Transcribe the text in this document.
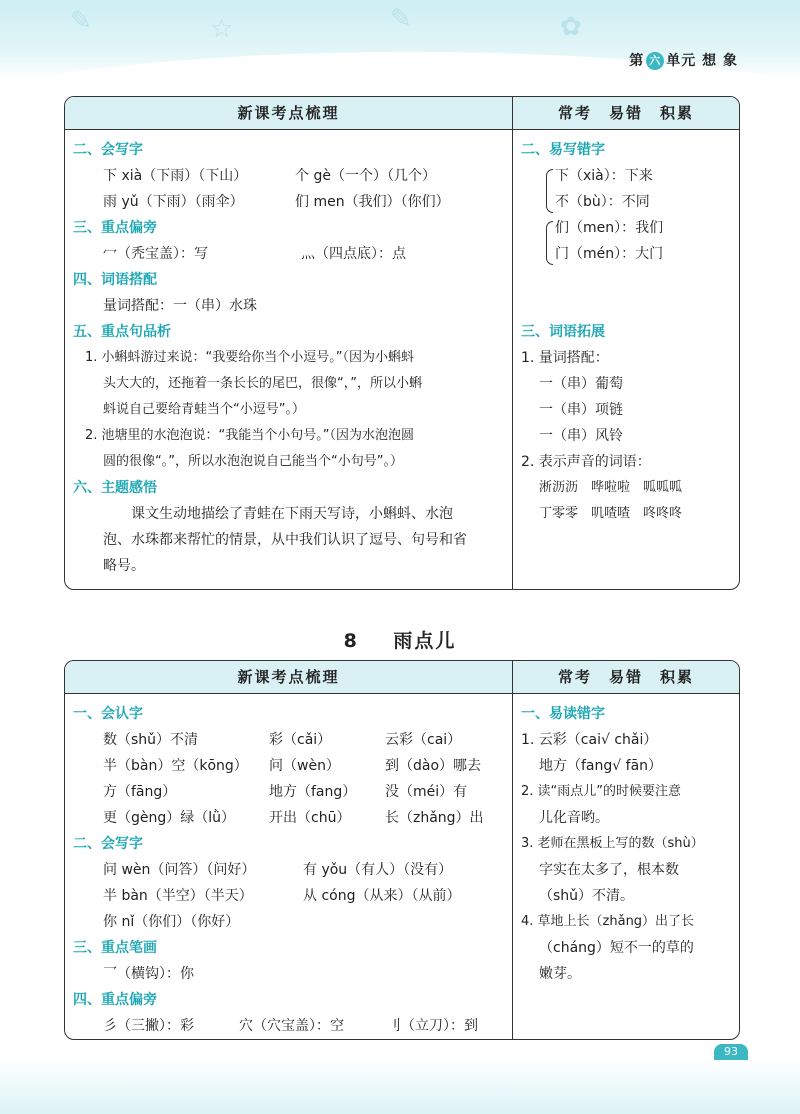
✎	☆	✎	✿
第 六 单元 想 象
新课考点梳理	常考　易错　积累
二、会写字
下 xià（下雨）（下山）	个 gè（一个）（几个）
雨 yǔ（下雨）（雨伞）	们 men（我们）（你们）
三、重点偏旁
冖（秃宝盖）：写	灬（四点底）：点
四、词语搭配
量词搭配：一（串）水珠
五、重点句品析
1. 小蝌蚪游过来说：“我要给你当个小逗号。”（因为小蝌蚪
头大大的，还拖着一条长长的尾巴，很像“，”，所以小蝌
蚪说自己要给青蛙当个“小逗号”。）
2. 池塘里的水泡泡说：“我能当个小句号。”（因为水泡泡圆
圆的很像“。”，所以水泡泡说自己能当个“小句号”。）
六、主题感悟
课文生动地描绘了青蛙在下雨天写诗，小蝌蚪、水泡
泡、水珠都来帮忙的情景，从中我们认识了逗号、句号和省
略号。
二、易写错字
下（xià）：下来
不（bù）：不同
们（men）：我们
门（mén）：大门
三、词语拓展
1. 量词搭配：
一（串）葡萄
一（串）项链
一（串）风铃
2. 表示声音的词语：
淅沥沥　哗啦啦　呱呱呱
丁零零　叽喳喳　咚咚咚
8 雨点儿
新课考点梳理	常考　易错　积累
一、会认字
数（shǔ）不清	彩（cǎi）	云彩（cai）
半（bàn）空（kōng） 问（wèn）	到（dào）哪去
方（fāng）	地方（fang） 没（méi）有
更（gèng）绿（lǜ） 开出（chū） 长（zhǎng）出
二、会写字
问 wèn（问答）（问好）	有 yǒu（有人）（没有）
半 bàn（半空）（半天）	从 cóng（从来）（从前）
你 nǐ（你们）（你好）
三、重点笔画
乛（横钩）：你
四、重点偏旁
彡（三撇）：彩	穴（穴宝盖）：空	刂（立刀）：到
一、易读错字
1. 云彩（cai√ chǎi）
地方（fang√ fān）
2. 读“雨点儿”的时候要注意
儿化音哟。
3. 老师在黑板上写的数（shù）
字实在太多了，根本数
（shǔ）不清。
4. 草地上长（zhǎng）出了长
（cháng）短不一的草的
嫩芽。
93
